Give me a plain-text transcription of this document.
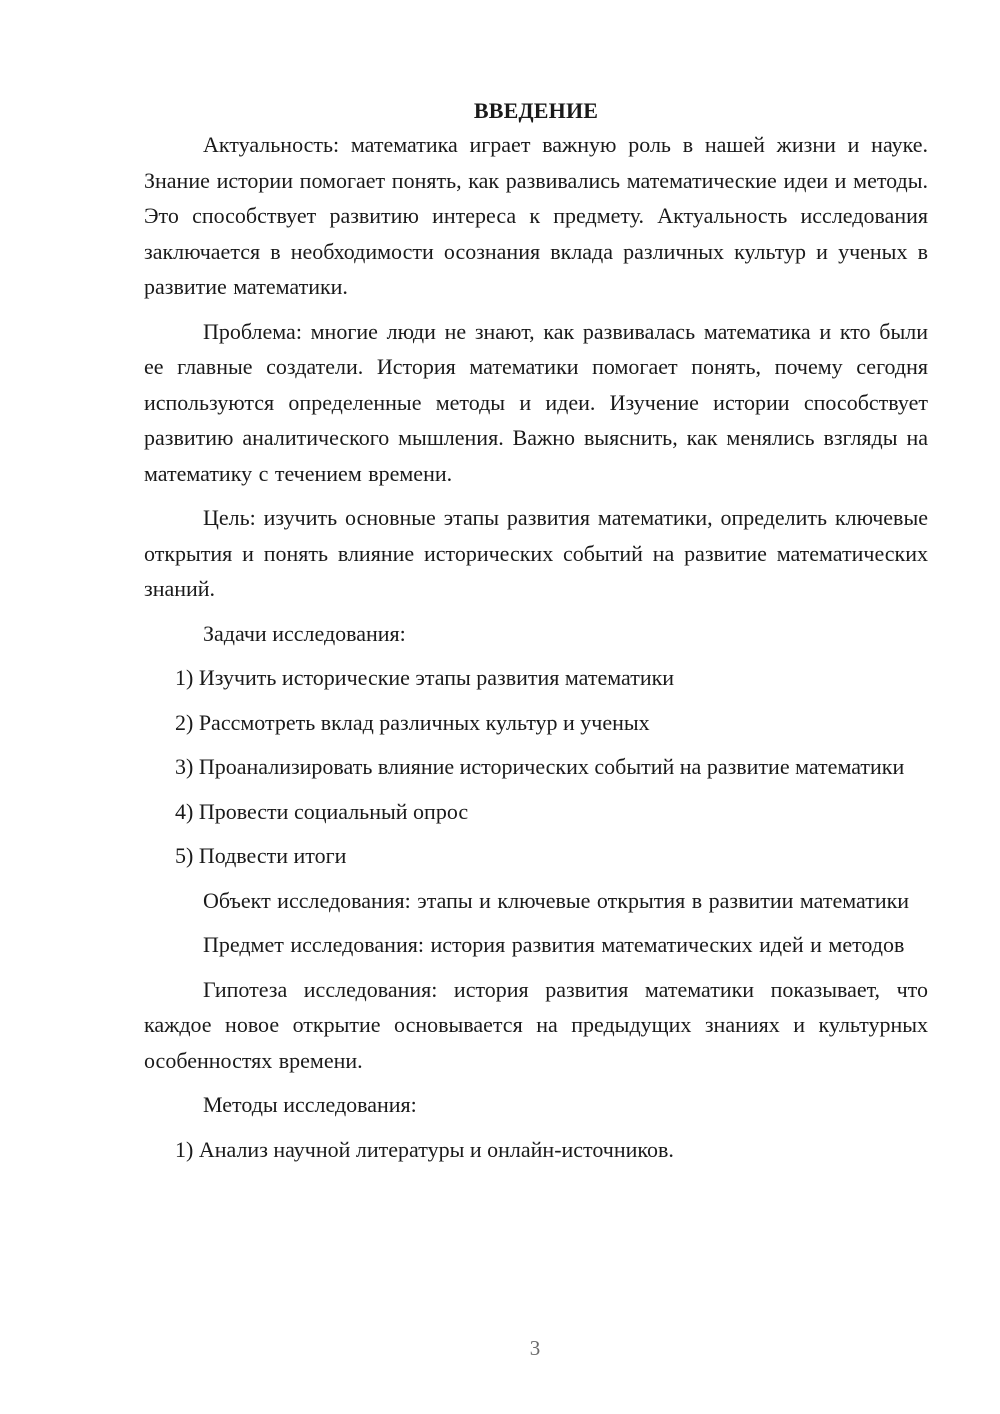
ВВЕДЕНИЕ

Актуальность: математика играет важную роль в нашей жизни и науке. Знание истории помогает понять, как развивались математические идеи и методы. Это способствует развитию интереса к предмету. Актуальность исследования заключается в необходимости осознания вклада различных культур и ученых в развитие математики.

Проблема: многие люди не знают, как развивалась математика и кто были ее главные создатели. История математики помогает понять, почему сегодня используются определенные методы и идеи. Изучение истории способствует развитию аналитического мышления. Важно выяснить, как менялись взгляды на математику с течением времени.

Цель: изучить основные этапы развития математики, определить ключевые открытия и понять влияние исторических событий на развитие математических знаний.

Задачи исследования:

1) Изучить исторические этапы развития математики

2) Рассмотреть вклад различных культур и ученых

3) Проанализировать влияние исторических событий на развитие математики

4) Провести социальный опрос

5) Подвести итоги

Объект исследования: этапы и ключевые открытия в развитии математики

Предмет исследования: история развития математических идей и методов

Гипотеза исследования: история развития математики показывает, что каждое новое открытие основывается на предыдущих знаниях и культурных особенностях времени.

Методы исследования:

1) Анализ научной литературы и онлайн-источников.

3
